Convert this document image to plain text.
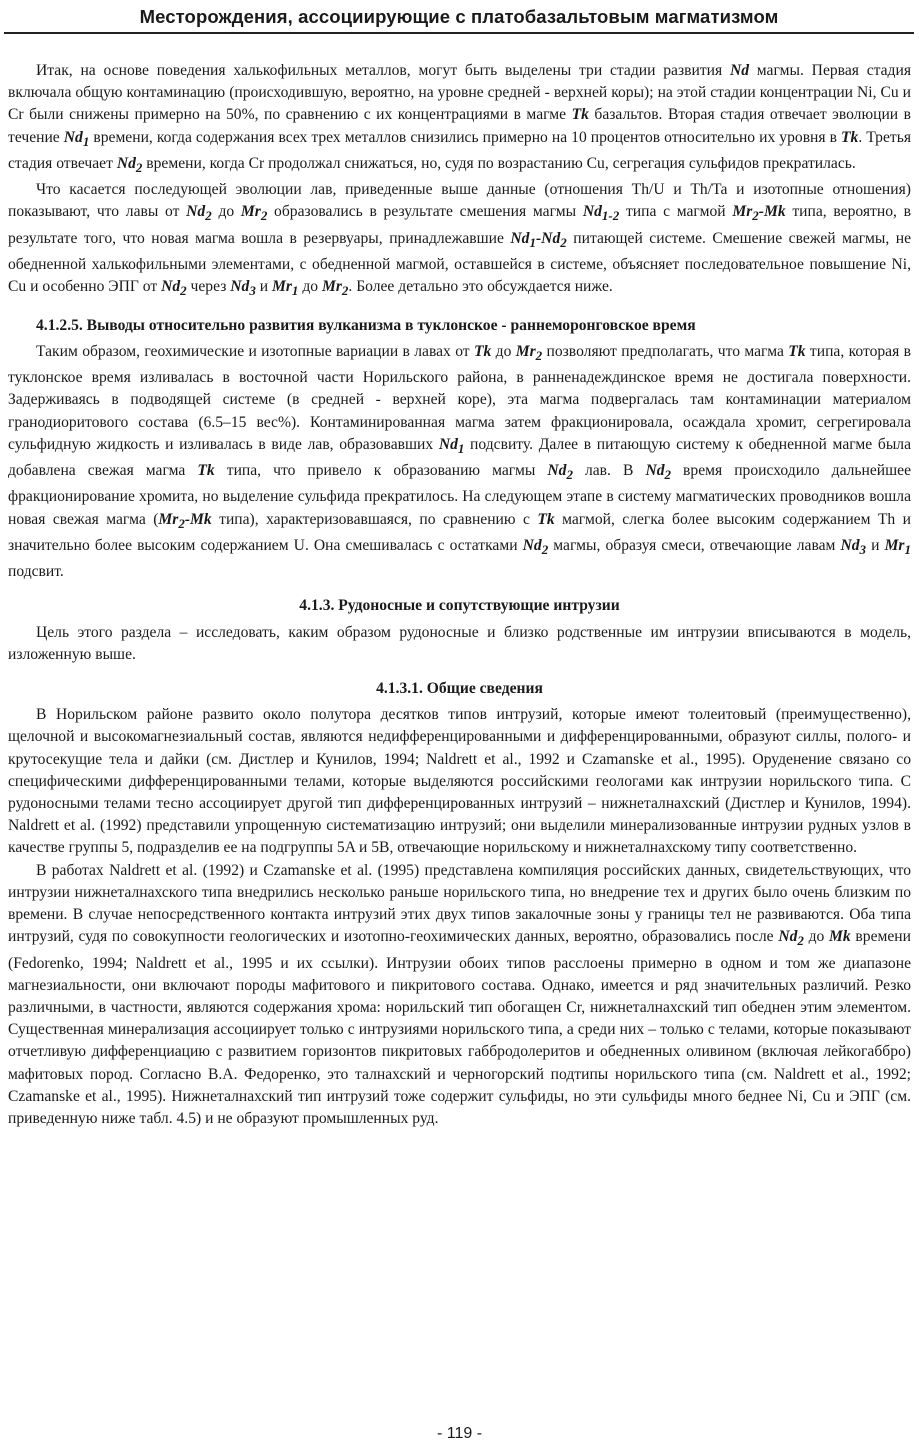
Месторождения, ассоциирующие с платобазальтовым магматизмом

Итак, на основе поведения халькофильных металлов, могут быть выделены три стадии развития Nd магмы. Первая стадия включала общую контаминацию (происходившую, вероятно, на уровне средней - верхней коры); на этой стадии концентрации Ni, Cu и Cr были снижены примерно на 50%, по сравнению с их концентрациями в магме Tk базальтов. Вторая стадия отвечает эволюции в течение $Nd_1$ времени, когда содержания всех трех металлов снизились примерно на 10 процентов относительно их уровня в Tk. Третья стадия отвечает $Nd_2$ времени, когда Cr продолжал снижаться, но, судя по возрастанию Cu, сегрегация сульфидов прекратилась.

Что касается последующей эволюции лав, приведенные выше данные (отношения Th/U и Th/Ta и изотопные отношения) показывают, что лавы от $Nd_2$ до $Mr_2$ образовались в результате смешения магмы $Nd_{1-2}$ типа с магмой $Mr_2-Mk$ типа, вероятно, в результате того, что новая магма вошла в резервуары, принадлежавшие $Nd_1-Nd_2$ питающей системе. Смешение свежей магмы, не обедненной халькофильными элементами, с обедненной магмой, оставшейся в системе, объясняет последовательное повышение Ni, Cu и особенно ЭПГ от $Nd_2$ через $Nd_3$ и $Mr_1$ до $Mr_2$. Более детально это обсуждается ниже.

4.1.2.5. Выводы относительно развития вулканизма в туклонское - раннеморонговское время

Таким образом, геохимические и изотопные вариации в лавах от Tk до $Mr_2$ позволяют предполагать, что магма Tk типа, которая в туклонское время изливалась в восточной части Норильского района, в ранненадеждинское время не достигала поверхности. Задерживаясь в подводящей системе (в средней - верхней коре), эта магма подвергалась там контаминации материалом гранодиоритового состава (6.5–15 вес%). Контаминированная магма затем фракционировала, осаждала хромит, сегрегировала сульфидную жидкость и изливалась в виде лав, образовавших $Nd_1$ подсвиту. Далее в питающую систему к обедненной магме была добавлена свежая магма Tk типа, что привело к образованию магмы $Nd_2$ лав. В $Nd_2$ время происходило дальнейшее фракционирование хромита, но выделение сульфида прекратилось. На следующем этапе в систему магматических проводников вошла новая свежая магма ($Mr_2-Mk$ типа), характеризовавшаяся, по сравнению с Tk магмой, слегка более высоким содержанием Th и значительно более высоким содержанием U. Она смешивалась с остатками $Nd_2$ магмы, образуя смеси, отвечающие лавам $Nd_3$ и $Mr_1$ подсвит.

4.1.3. Рудоносные и сопутствующие интрузии

Цель этого раздела – исследовать, каким образом рудоносные и близко родственные им интрузии вписываются в модель, изложенную выше.

4.1.3.1. Общие сведения

В Норильском районе развито около полутора десятков типов интрузий, которые имеют толеитовый (преимущественно), щелочной и высокомагнезиальный состав, являются недифференцированными и дифференцированными, образуют силлы, полого- и крутосекущие тела и дайки (см. Дистлер и Кунилов, 1994; Naldrett et al., 1992 и Czamanske et al., 1995). Оруденение связано со специфическими дифференцированными телами, которые выделяются российскими геологами как интрузии норильского типа. С рудоносными телами тесно ассоциирует другой тип дифференцированных интрузий – нижнеталнахский (Дистлер и Кунилов, 1994). Naldrett et al. (1992) представили упрощенную систематизацию интрузий; они выделили минерализованные интрузии рудных узлов в качестве группы 5, подразделив ее на подгруппы 5A и 5B, отвечающие норильскому и нижнеталнахскому типу соответственно.

В работах Naldrett et al. (1992) и Czamanske et al. (1995) представлена компиляция российских данных, свидетельствующих, что интрузии нижнеталнахского типа внедрились несколько раньше норильского типа, но внедрение тех и других было очень близким по времени. В случае непосредственного контакта интрузий этих двух типов закалочные зоны у границы тел не развиваются. Оба типа интрузий, судя по совокупности геологических и изотопно-геохимических данных, вероятно, образовались после $Nd_2$ до Mk времени (Fedorenko, 1994; Naldrett et al., 1995 и их ссылки). Интрузии обоих типов расслоены примерно в одном и том же диапазоне магнезиальности, они включают породы мафитового и пикритового состава. Однако, имеется и ряд значительных различий. Резко различными, в частности, являются содержания хрома: норильский тип обогащен Cr, нижнеталнахский тип обеднен этим элементом. Существенная минерализация ассоциирует только с интрузиями норильского типа, а среди них – только с телами, которые показывают отчетливую дифференциацию с развитием горизонтов пикритовых габбродолеритов и обедненных оливином (включая лейкогаббро) мафитовых пород. Согласно В.А. Федоренко, это талнахский и черногорский подтипы норильского типа (см. Naldrett et al., 1992; Czamanske et al., 1995). Нижнеталнахский тип интрузий тоже содержит сульфиды, но эти сульфиды много беднее Ni, Cu и ЭПГ (см. приведенную ниже табл. 4.5) и не образуют промышленных руд.

- 119 -
